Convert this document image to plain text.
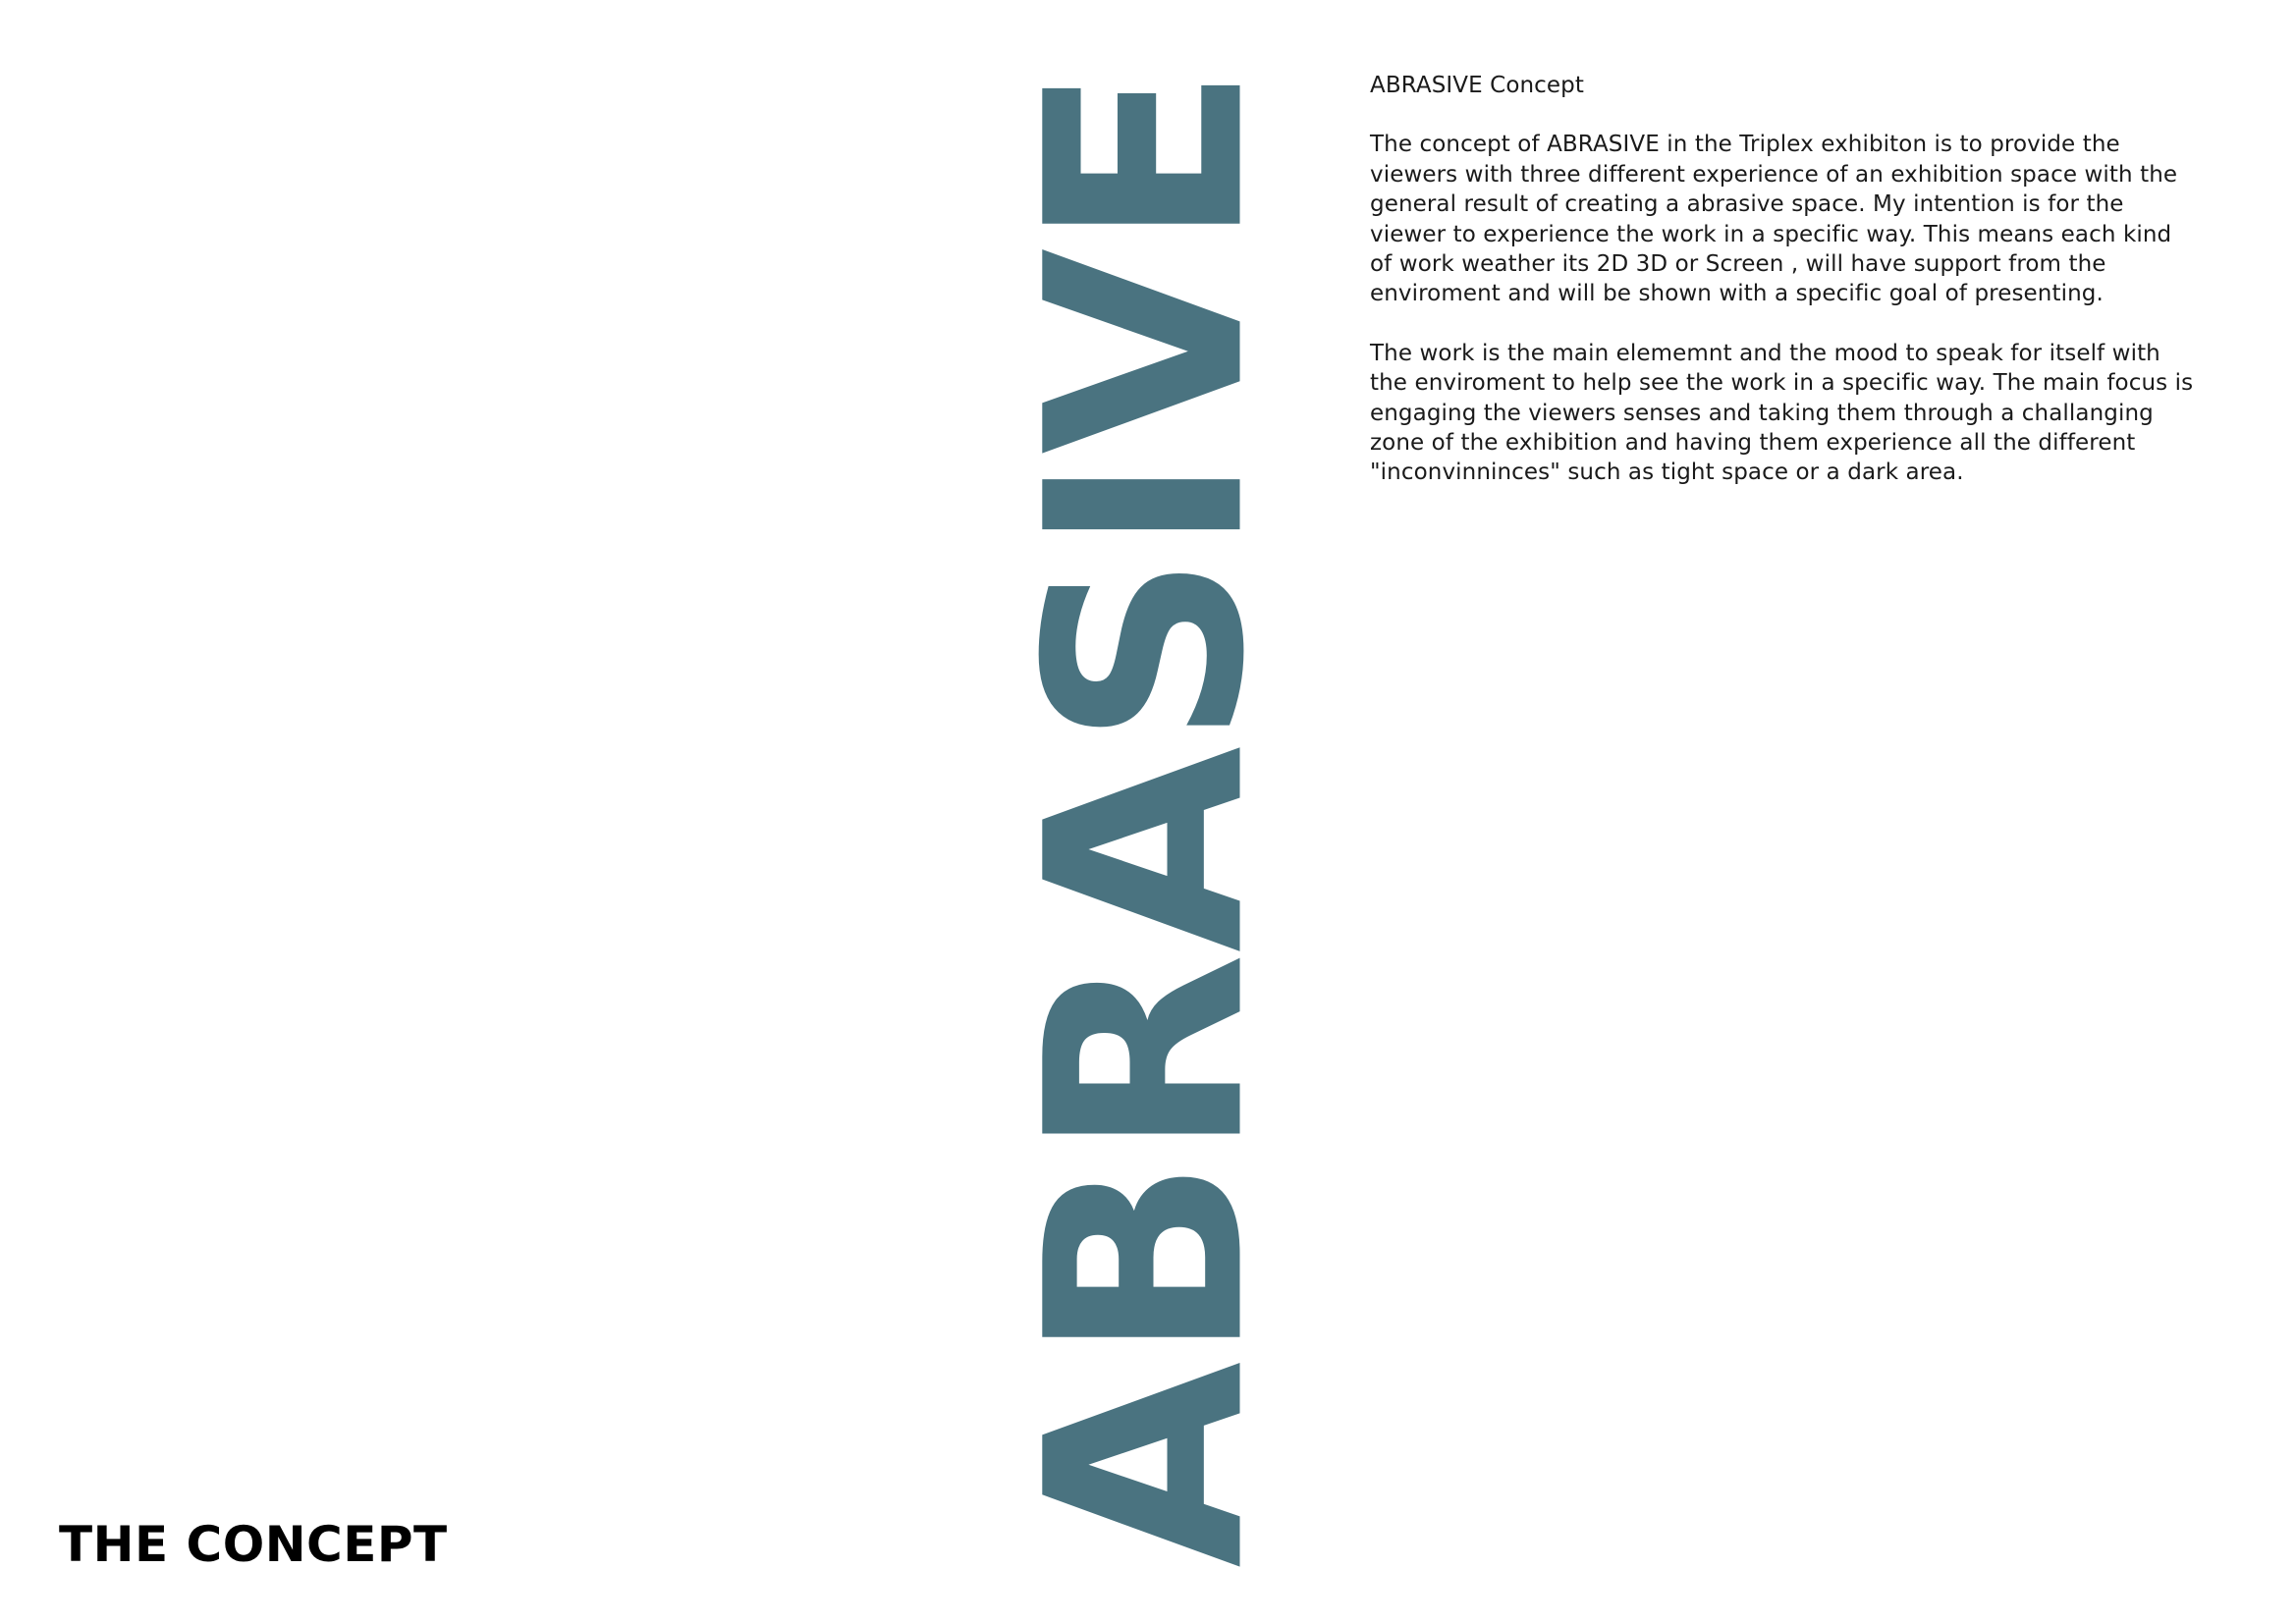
ABRASIVE	ABRASIVE Concept

The concept of ABRASIVE in the Triplex exhibiton is to provide the
viewers with three different experience of an exhibition space with the
general result of creating a abrasive space. My intention is for the
viewer to experience the work in a specific way. This means each kind
of work weather its 2D 3D or Screen , will have support from the
enviroment and will be shown with a specific goal of presenting.

The work is the main elememnt and the mood to speak for itself with
the enviroment to help see the work in a specific way. The main focus is
engaging the viewers senses and taking them through a challanging
zone of the exhibition and having them experience all the different
"inconvinninces" such as tight space or a dark area.

THE CONCEPT
